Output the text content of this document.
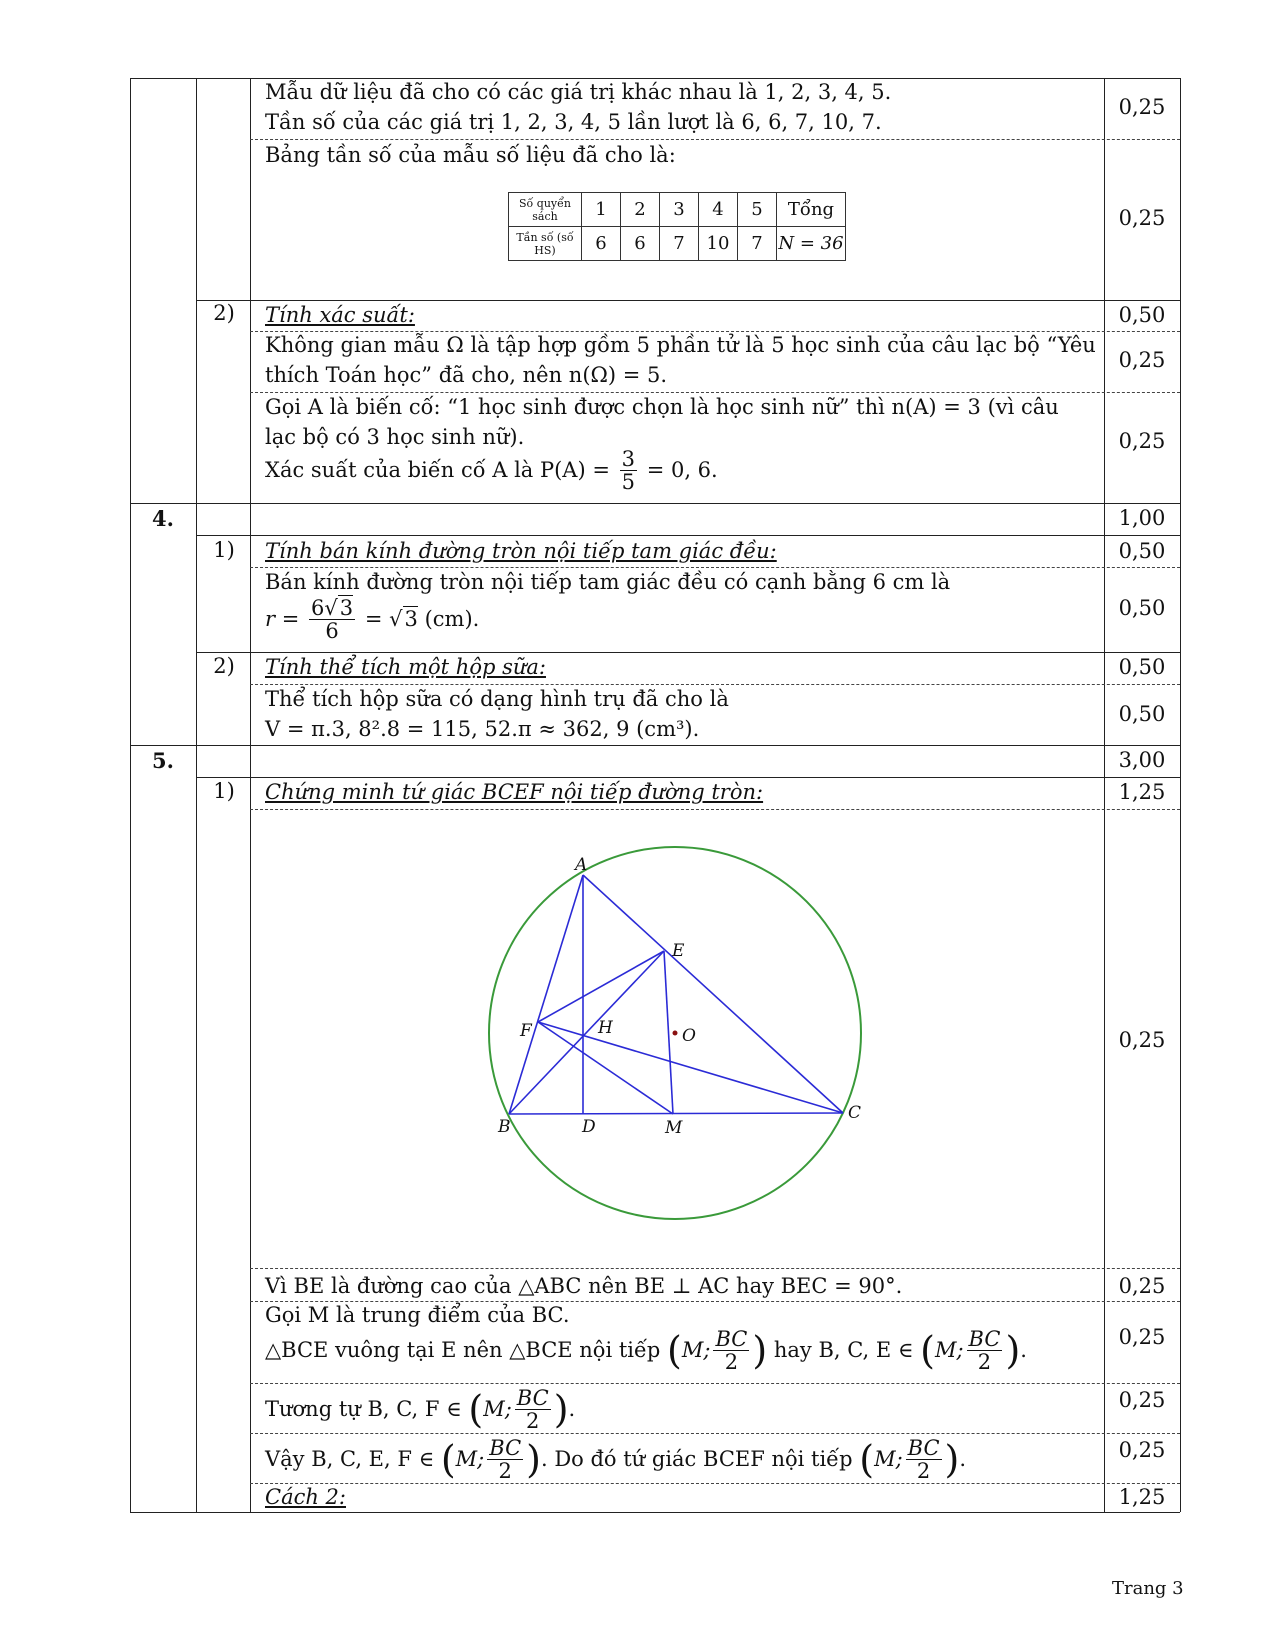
Mẫu dữ liệu đã cho có các giá trị khác nhau là 1, 2, 3, 4, 5.
Tần số của các giá trị 1, 2, 3, 4, 5 lần lượt là 6, 6, 7, 10, 7.
0,25
Bảng tần số của mẫu số liệu đã cho là:
0,25
Số quyển sách	1	2	3	4	5	Tổng
Tần số (số HS)	6	6	7	10	7	N = 36
2)	Tính xác suất:	0,50
Không gian mẫu Ω là tập hợp gồm 5 phần tử là 5 học sinh của câu lạc bộ “Yêu
thích Toán học” đã cho, nên n(Ω) = 5.
0,25
Gọi A là biến cố: “1 học sinh được chọn là học sinh nữ” thì n(A) = 3 (vì câu
lạc bộ có 3 học sinh nữ).
Xác suất của biến cố A là $P(A) = \frac{3}{5} = 0$, 6.
0,25
4.	1,00
1)	Tính bán kính đường tròn nội tiếp tam giác đều:	0,50
Bán kính đường tròn nội tiếp tam giác đều có cạnh bằng 6 cm là
$r = \frac{6√3}{6} = √3$ (cm).	0,50
2)	Tính thể tích một hộp sữa:	0,50
Thể tích hộp sữa có dạng hình trụ đã cho là
V = π.3, 8².8 = 115, 52.π ≈ 362, 9 (cm³).
0,50
5.	3,00
1)	Chứng minh tứ giác BCEF nội tiếp đường tròn:	1,25
A
E
F	H	O
B	D	M
C
0,25
Vì BE là đường cao của △ABC nên BE ⊥ AC hay BEC = 90°.	0,25
Gọi M là trung điểm của BC.
△BCE vuông tại E nên △BCE nội tiếp (M; $\frac{BC}{2}$ ) hay B, C, E ∈ (M; $\frac{BC}{2}$ ).
0,25
Tương tự B, C, F ∈ (M; $\frac{BC}{2}$ ).	0,25
Vậy B, C, E, F ∈ (M; $\frac{BC}{2}$ ). Do đó tứ giác BCEF nội tiếp (M; $\frac{BC}{2}$ ).	0,25
Cách 2:	1,25
Trang 3
